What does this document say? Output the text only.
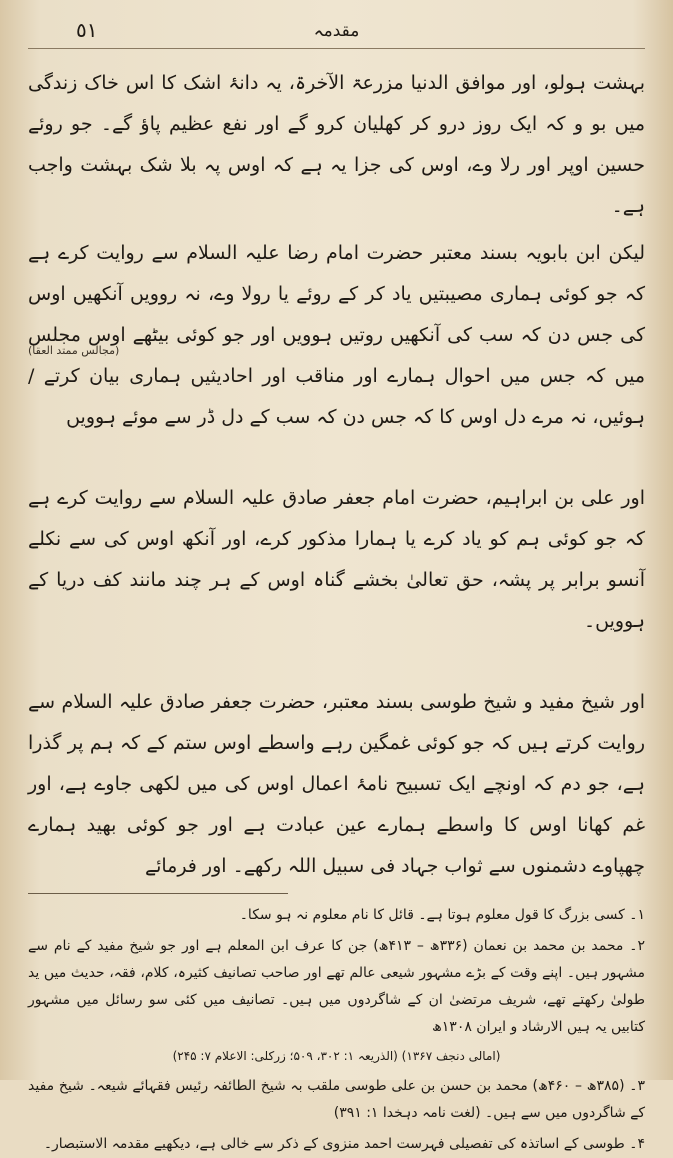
٥١	مقدمہ
(مجالس ممتد العقا)

بہشت ہولو، اور موافق الدنیا مزرعۃ الآخرۃ، یہ دانۂ اشک کا اس خاک زندگی میں بو و کہ ایک روز درو کر کھلیان کرو گے اور نفع عظیم پاؤ گے۔ جو روئے حسین اوپر اور رلا وے، اوس کی جزا یہ ہے کہ اوس پہ بلا شک بہشت واجب ہے۔

لیکن ابن بابویہ بسند معتبر حضرت امام رضا علیہ السلام سے روایت کرے ہے کہ جو کوئی ہماری مصیبتیں یاد کر کے روئے یا رولا وے، نہ روویں آنکھیں اوس کی جس دن کہ سب کی آنکھیں روتیں ہوویں اور جو کوئی بیٹھے اوس مجلس میں کہ جس میں احوال ہمارے اور مناقب اور احادیثیں ہماری بیان کرتے / ہوئیں، نہ مرے دل اوس کا کہ جس دن کہ سب کے دل ڈر سے موئے ہوویں

اور علی بن ابراہیم، حضرت امام جعفر صادق علیہ السلام سے روایت کرے ہے کہ جو کوئی ہم کو یاد کرے یا ہمارا مذکور کرے، اور آنکھ اوس کی سے نکلے آنسو برابر پر پشہ، حق تعالیٰ بخشے گناہ اوس کے ہر چند مانند کف دریا کے ہوویں۔

اور شیخ مفید و شیخ طوسی بسند معتبر، حضرت جعفر صادق علیہ السلام سے روایت کرتے ہیں کہ جو کوئی غمگین رہے واسطے اوس ستم کے کہ ہم پر گذرا ہے، جو دم کہ اونچے ایک تسبیح نامۂ اعمال اوس کی میں لکھی جاوے ہے، اور غم کھانا اوس کا واسطے ہمارے عین عبادت ہے اور جو کوئی بھید ہمارے چھپاوے دشمنوں سے ثواب جہاد فی سبیل اللہ رکھے۔ اور فرمائے

۱۔ کسی بزرگ کا قول معلوم ہوتا ہے۔ قائل کا نام معلوم نہ ہو سکا۔

۲۔ محمد بن محمد بن نعمان (۳۳۶ھ – ۴۱۳ھ) جن کا عرف ابن المعلم ہے اور جو شیخ مفید کے نام سے مشہور ہیں۔ اپنے وقت کے بڑے مشہور شیعی عالم تھے اور صاحب تصانیف کثیرہ، کلام، فقہ، حدیث میں ید طولیٰ رکھتے تھے، شریف مرتضیٰ ان کے شاگردوں میں ہیں۔ تصانیف میں کئی سو رسائل میں مشہور کتابیں یہ ہیں الارشاد و ایران ۱۳۰۸ھ

(امالی دنجف ۱۳۶۷) (الذریعہ ۱: ۳۰۲، ۵۰۹؛ زرکلی: الاعلام ۷: ۲۴۵)

۳۔ (۳۸۵ھ – ۴۶۰ھ) محمد بن حسن بن علی طوسی ملقب بہ شیخ الطائفہ رئیس فقہائے شیعہ۔ شیخ مفید کے شاگردوں میں سے ہیں۔ (لغت نامہ دہخدا ۱: ۳۹۱)

۴۔ طوسی کے اساتذہ کی تفصیلی فہرست احمد منزوی کے ذکر سے خالی ہے، دیکھیے مقدمہ الاستبصار۔
